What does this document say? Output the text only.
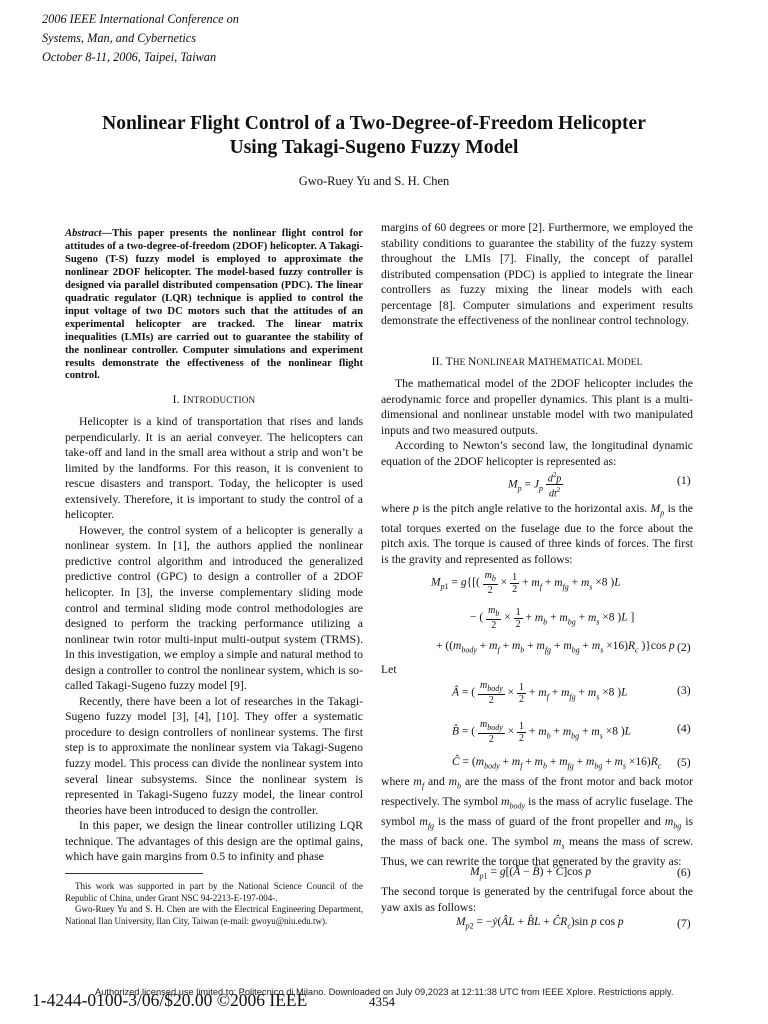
2006 IEEE International Conference on
Systems, Man, and Cybernetics
October 8-11, 2006, Taipei, Taiwan
Nonlinear Flight Control of a Two-Degree-of-Freedom Helicopter
Using Takagi-Sugeno Fuzzy Model
Gwo-Ruey Yu and S. H. Chen
Abstract—This paper presents the nonlinear flight control for attitudes of a two-degree-of-freedom (2DOF) helicopter. A Takagi-Sugeno (T-S) fuzzy model is employed to approximate the nonlinear 2DOF helicopter. The model-based fuzzy controller is designed via parallel distributed compensation (PDC). The linear quadratic regulator (LQR) technique is applied to control the input voltage of two DC motors such that the attitudes of an experimental helicopter are tracked. The linear matrix inequalities (LMIs) are carried out to guarantee the stability of the nonlinear controller. Computer simulations and experiment results demonstrate the effectiveness of the nonlinear flight control.
I. INTRODUCTION

Helicopter is a kind of transportation that rises and lands perpendicularly. It is an aerial conveyer. The helicopters can take-off and land in the small area without a strip and won’t be limited by the landforms. For this reason, it is convenient to rescue disasters and transport. Today, the helicopter is used extensively. Therefore, it is important to study the control of a helicopter.

However, the control system of a helicopter is generally a nonlinear system. In [1], the authors applied the nonlinear predictive control algorithm and introduced the generalized predictive control (GPC) to design a controller of a 2DOF helicopter. In [3], the inverse complementary sliding mode control and terminal sliding mode control methodologies are designed to perform the tracking performance utilizing a nonlinear twin rotor multi-input multi-output system (TRMS). In this investigation, we employ a simple and natural method to design a controller to control the nonlinear system, which is so-called Takagi-Sugeno fuzzy model [9].

Recently, there have been a lot of researches in the Takagi-Sugeno fuzzy model [3], [4], [10]. They offer a systematic procedure to design controllers of nonlinear systems. The first step is to approximate the nonlinear system via Takagi-Sugeno fuzzy model. This process can divide the nonlinear system into several linear subsystems. Since the nonlinear system is represented in Takagi-Sugeno fuzzy model, the linear control theories have been introduced to design the controller.

In this paper, we design the linear controller utilizing LQR technique. The advantages of this design are the optimal gains, which have gain margins from 0.5 to infinity and phase

This work was supported in part by the National Science Council of the Republic of China, under Grant NSC 94-2213-E-197-004-.

Gwo-Ruey Yu and S. H. Chen are with the Electrical Engineering Department, National Ilan University, Ilan City, Taiwan (e-mail: gwoyu@niu.edu.tw).

margins of 60 degrees or more [2]. Furthermore, we employed the stability conditions to guarantee the stability of the fuzzy system throughout the LMIs [7]. Finally, the concept of parallel distributed compensation (PDC) is applied to integrate the linear controllers as fuzzy mixing the linear models with each percentage [8]. Computer simulations and experiment results demonstrate the effectiveness of the nonlinear control technology.

II. THE NONLINEAR MATHEMATICAL MODEL

The mathematical model of the 2DOF helicopter includes the aerodynamic force and propeller dynamics. This plant is a multi-dimensional and nonlinear unstable model with two manipulated inputs and two measured outputs.

According to Newton’s second law, the longitudinal dynamic equation of the 2DOF helicopter is represented as:

$M_p = J_p \frac{d^2p}{dt^2}$	(1)

where p is the pitch angle relative to the horizontal axis. $M_p$ is the total torques exerted on the fuselage due to the force about the pitch axis. The torque is caused of three kinds of forces. The first is the gravity and represented as follows:

$M_{p1} = g\{[( \frac{m_b}{2} \times \frac{1}{2} + m_f + m_{fg} + m_s \times 8$ )L
− ( $\frac{m_b}{2} \times \frac{1}{2} + m_b + m_{bg} + m_s \times 8$ )L ]
+ ($(m_{body} + m_f + m_b + m_{fg} + m_{bg} + m_s \times 16)R_c$ )}cos p (2)
Let
Â = ( $\frac{m_{body}}{2} \times \frac{1}{2} + m_f + m_{fg} + m_s \times 8$ )L	(3)
B̂ = ( $\frac{m_{body}}{2} \times \frac{1}{2} + m_b + m_{bg} + m_s \times 8$ )L	(4)
Ĉ = $(m_{body} + m_f + m_b + m_{fg} + m_{bg} + m_s \times 16)R_c$ (5)

where $m_f$ and $m_b$ are the mass of the front motor and back motor respectively. The symbol $m_{body}$ is the mass of acrylic fuselage. The symbol $m_{fg}$ is the mass of guard of the front propeller and $m_{bg}$ is the mass of back one. The symbol $m_s$ means the mass of screw. Thus, we can rewrite the torque that generated by the gravity as:

$M_{p1}$ = g[(Â − B̂) + Ĉ]cos p	(6)

The second torque is generated by the centrifugal force about the yaw axis as follows:

$M_{p2}$ = −ẏ(ÂL + B̂L + $ĈR_c)\sin$ p cos p	(7)
1-4244-0100-3/06/$20.00 ©2006 IEEE	4354
Authorized licensed use limited to: Politecnico di Milano. Downloaded on July 09,2023 at 12:11:38 UTC from IEEE Xplore. Restrictions apply.
